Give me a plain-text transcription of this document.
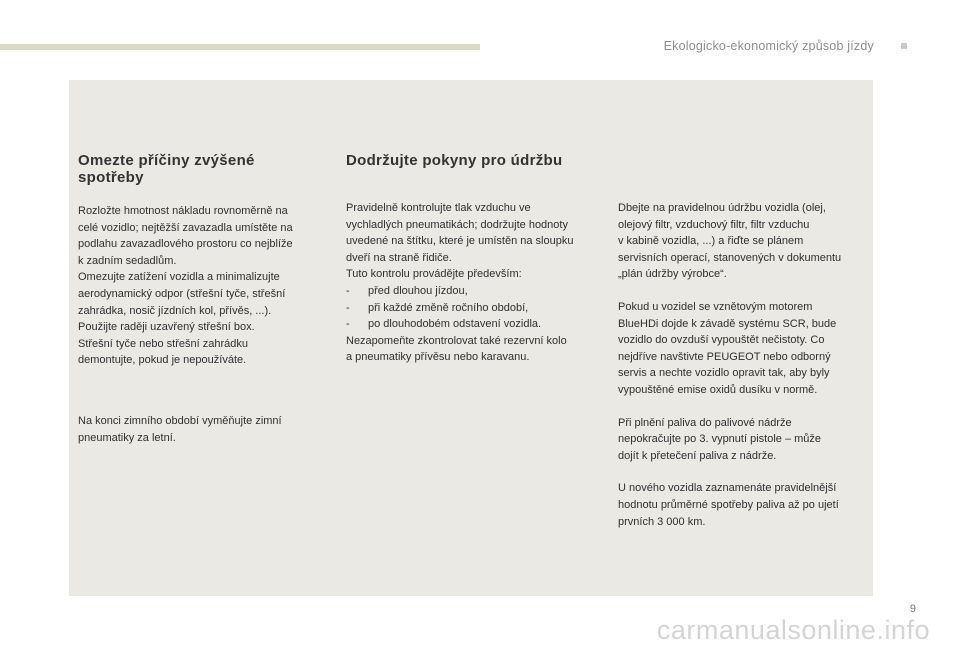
Ekologicko-ekonomický způsob jízdy
Omezte příčiny zvýšené
spotřeby

Rozložte hmotnost nákladu rovnoměrně na
celé vozidlo; nejtěžší zavazadla umístěte na
podlahu zavazadlového prostoru co nejblíže
k zadním sedadlům.
Omezujte zatížení vozidla a minimalizujte
aerodynamický odpor (střešní tyče, střešní
zahrádka, nosič jízdních kol, přívěs, ...).
Použijte raději uzavřený střešní box.
Střešní tyče nebo střešní zahrádku
demontujte, pokud je nepoužíváte.

Na konci zimního období vyměňujte zimní
pneumatiky za letní.

Dodržujte pokyny pro údržbu

Pravidelně kontrolujte tlak vzduchu ve
vychladlých pneumatikách; dodržujte hodnoty
uvedené na štítku, které je umístěn na sloupku
dveří na straně řidiče.
Tuto kontrolu provádějte především:

-	před dlouhou jízdou,
-	při každé změně ročního období,
-	po dlouhodobém odstavení vozidla.

Nezapomeňte zkontrolovat také rezervní kolo
a pneumatiky přívěsu nebo karavanu.

Dbejte na pravidelnou údržbu vozidla (olej,
olejový filtr, vzduchový filtr, filtr vzduchu
v kabině vozidla, ...) a řiďte se plánem
servisních operací, stanovených v dokumentu
„plán údržby výrobce“.

Pokud u vozidel se vznětovým motorem
BlueHDi dojde k závadě systému SCR, bude
vozidlo do ovzduší vypouštět nečistoty. Co
nejdříve navštivte PEUGEOT nebo odborný
servis a nechte vozidlo opravit tak, aby byly
vypouštěné emise oxidů dusíku v normě.

Při plnění paliva do palivové nádrže
nepokračujte po 3. vypnutí pistole – může
dojít k přetečení paliva z nádrže.

U nového vozidla zaznamenáte pravidelnější
hodnotu průměrné spotřeby paliva až po ujetí
prvních 3 000 km.

9
carmanualsonline.info
